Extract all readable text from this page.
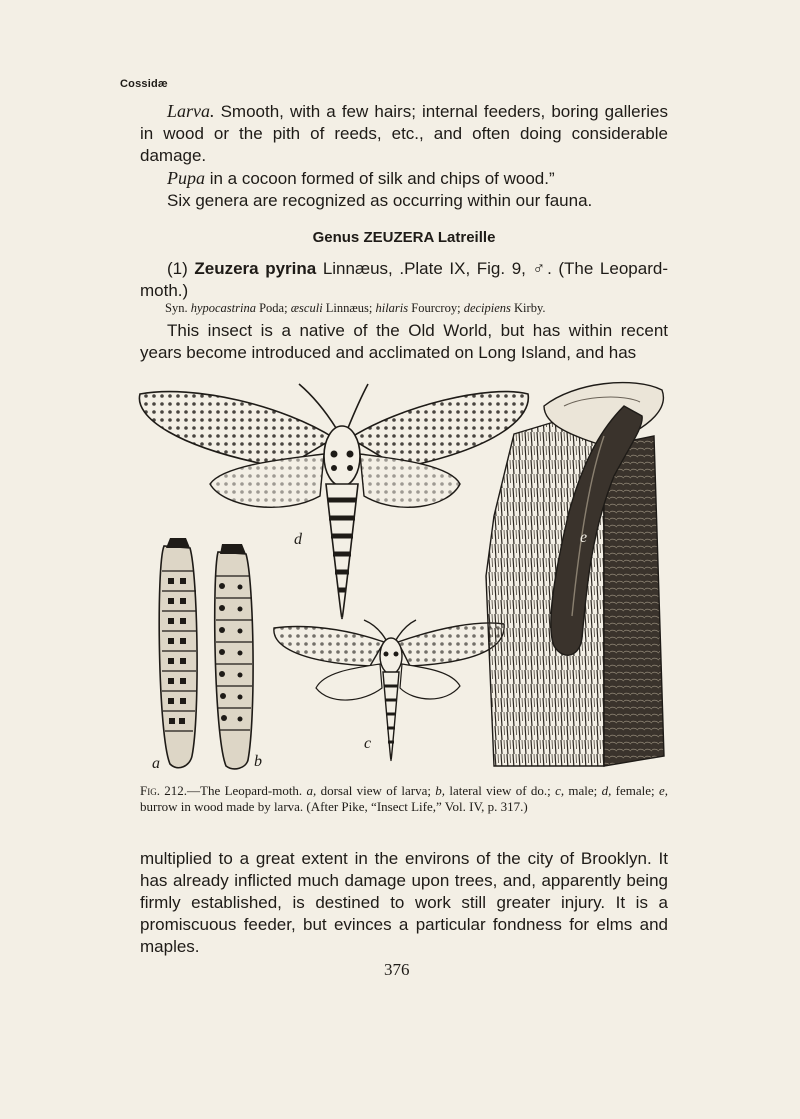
Cossidæ

Larva. Smooth, with a few hairs; internal feeders, boring galleries in wood or the pith of reeds, etc., and often doing considerable damage.

Pupa in a cocoon formed of silk and chips of wood.”

Six genera are recognized as occurring within our fauna.

Genus ZEUZERA Latreille

(1) Zeuzera pyrina Linnæus, .Plate IX, Fig. 9, ♂. (The Leopard-moth.)

Syn. hypocastrina Poda; æsculi Linnæus; hilaris Fourcroy; decipiens Kirby.

This insect is a native of the Old World, but has within recent years become introduced and acclimated on Long Island, and has

d
a	b
c
e
Fig. 212.—The Leopard-moth. a, dorsal view of larva; b, lateral view of do.; c, male; d, female; e, burrow in wood made by larva. (After Pike, “Insect Life,” Vol. IV, p. 317.)

multiplied to a great extent in the environs of the city of Brooklyn. It has already inflicted much damage upon trees, and, apparently being firmly established, is destined to work still greater injury. It is a promiscuous feeder, but evinces a particular fondness for elms and maples.

376
